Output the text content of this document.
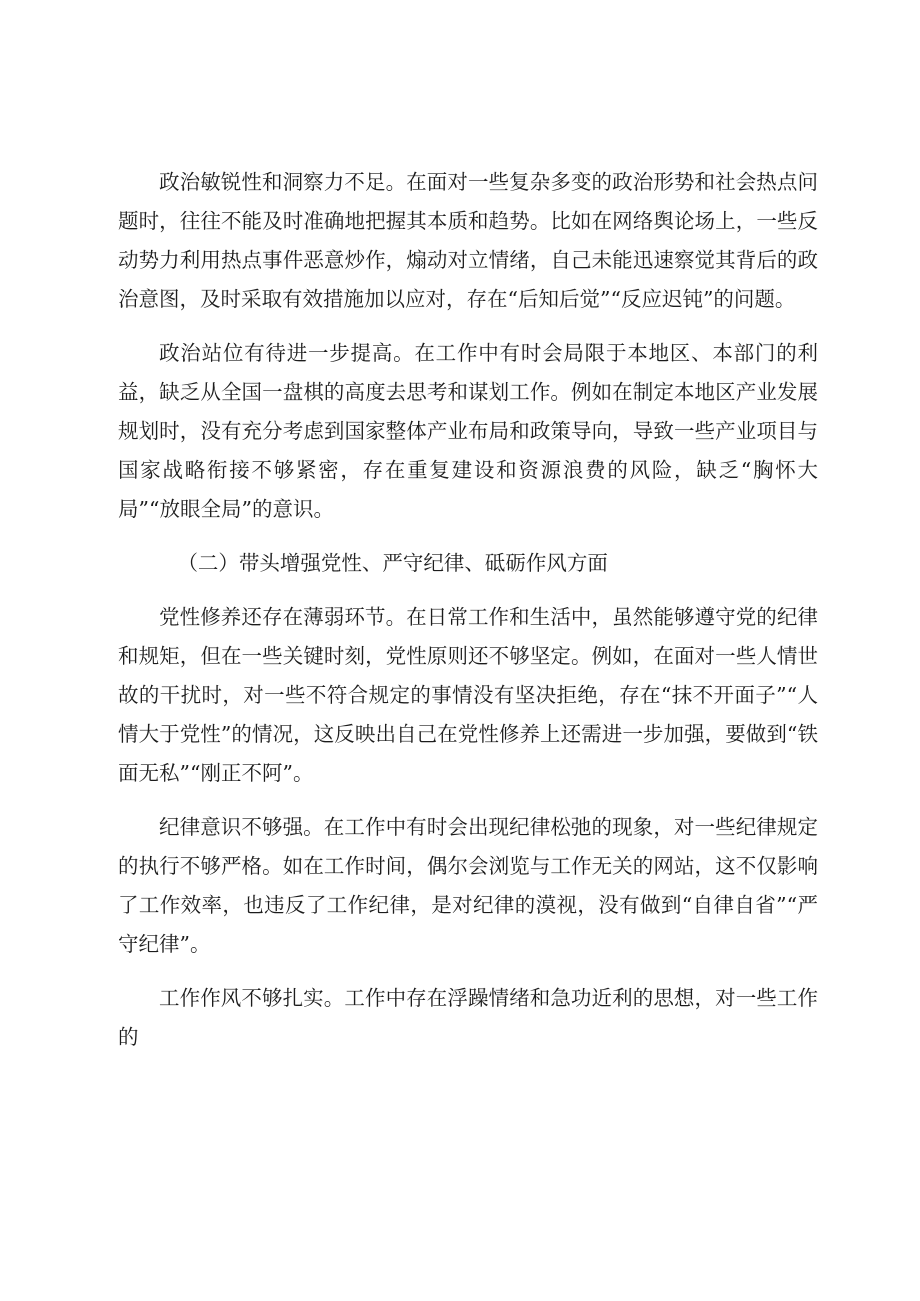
政治敏锐性和洞察力不足。在面对一些复杂多变的政治形势和社会热点问题时，往往不能及时准确地把握其本质和趋势。比如在网络舆论场上，一些反动势力利用热点事件恶意炒作，煽动对立情绪，自己未能迅速察觉其背后的政治意图，及时采取有效措施加以应对，存在“后知后觉”“反应迟钝”的问题。

政治站位有待进一步提高。在工作中有时会局限于本地区、本部门的利益，缺乏从全国一盘棋的高度去思考和谋划工作。例如在制定本地区产业发展规划时，没有充分考虑到国家整体产业布局和政策导向，导致一些产业项目与国家战略衔接不够紧密，存在重复建设和资源浪费的风险，缺乏“胸怀大局”“放眼全局”的意识。

（二）带头增强党性、严守纪律、砥砺作风方面

党性修养还存在薄弱环节。在日常工作和生活中，虽然能够遵守党的纪律和规矩，但在一些关键时刻，党性原则还不够坚定。例如，在面对一些人情世故的干扰时，对一些不符合规定的事情没有坚决拒绝，存在“抹不开面子”“人情大于党性”的情况，这反映出自己在党性修养上还需进一步加强，要做到“铁面无私”“刚正不阿”。

纪律意识不够强。在工作中有时会出现纪律松弛的现象，对一些纪律规定的执行不够严格。如在工作时间，偶尔会浏览与工作无关的网站，这不仅影响了工作效率，也违反了工作纪律，是对纪律的漠视，没有做到“自律自省”“严守纪律”。

工作作风不够扎实。工作中存在浮躁情绪和急功近利的思想，对一些工作的
